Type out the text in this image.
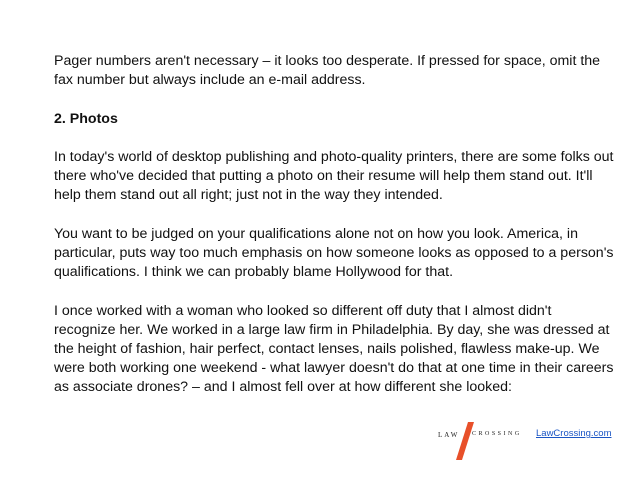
Pager numbers aren't necessary – it looks too desperate. If pressed for space, omit the fax number but always include an e-mail address.

2. Photos

In today's world of desktop publishing and photo-quality printers, there are some folks out there who've decided that putting a photo on their resume will help them stand out. It'll help them stand out all right; just not in the way they intended.

You want to be judged on your qualifications alone not on how you look. America, in particular, puts way too much emphasis on how someone looks as opposed to a person's qualifications. I think we can probably blame Hollywood for that.

I once worked with a woman who looked so different off duty that I almost didn't recognize her. We worked in a large law firm in Philadelphia. By day, she was dressed at the height of fashion, hair perfect, contact lenses, nails polished, flawless make-up. We were both working one weekend - what lawyer doesn't do that at one time in their careers as associate drones? – and I almost fell over at how different she looked:

LAW CROSSING LawCrossing.com
